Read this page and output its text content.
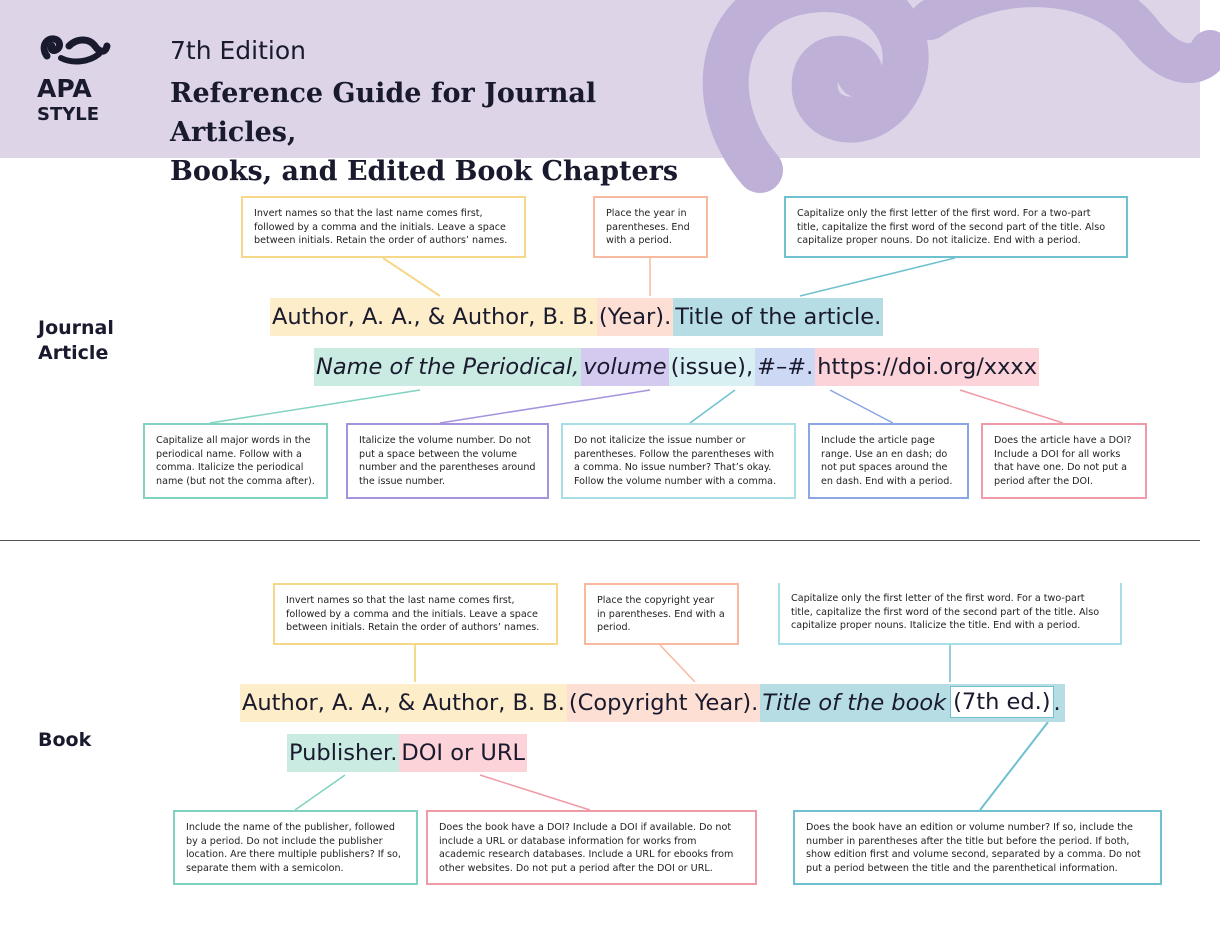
APA
STYLE
7th Edition
Reference Guide for Journal Articles,
Books, and Edited Book Chapters
Journal
Article
Invert names so that the last name comes first, followed by a comma and the initials. Leave a space between initials. Retain the order of authors’ names.
Place the year in parentheses. End with a period.
Capitalize only the first letter of the first word. For a two-part title, capitalize the first word of the second part of the title. Also capitalize proper nouns. Do not italicize. End with a period.
Author, A. A., & Author, B. B.(Year).Title of the article.
Name of the Periodical, volume (issue),#–#.https://doi.org/xxxx
Capitalize all major words in the periodical name. Follow with a comma. Italicize the periodical name (but not the comma after).
Italicize the volume number. Do not put a space between the volume number and the parentheses around the issue number.
Do not italicize the issue number or parentheses. Follow the parentheses with a comma. No issue number? That’s okay. Follow the volume number with a comma.
Include the article page range. Use an en dash; do not put spaces around the en dash. End with a period.
Does the article have a DOI? Include a DOI for all works that have one. Do not put a period after the DOI.
Book
Invert names so that the last name comes first, followed by a comma and the initials. Leave a space between initials. Retain the order of authors’ names.
Place the copyright year in parentheses. End with a period.
Capitalize only the first letter of the first word. For a two-part title, capitalize the first word of the second part of the title. Also capitalize proper nouns. Italicize the title. End with a period.
Author, A. A., & Author, B. B.(Copyright Year).Title of the book (7th ed.) .
Publisher.DOI or URL
Include the name of the publisher, followed by a period. Do not include the publisher location. Are there multiple publishers? If so, separate them with a semicolon.
Does the book have a DOI? Include a DOI if available. Do not include a URL or database information for works from academic research databases. Include a URL for ebooks from other websites. Do not put a period after the DOI or URL.
Does the book have an edition or volume number? If so, include the number in parentheses after the title but before the period. If both, show edition first and volume second, separated by a comma. Do not put a period between the title and the parenthetical information.
